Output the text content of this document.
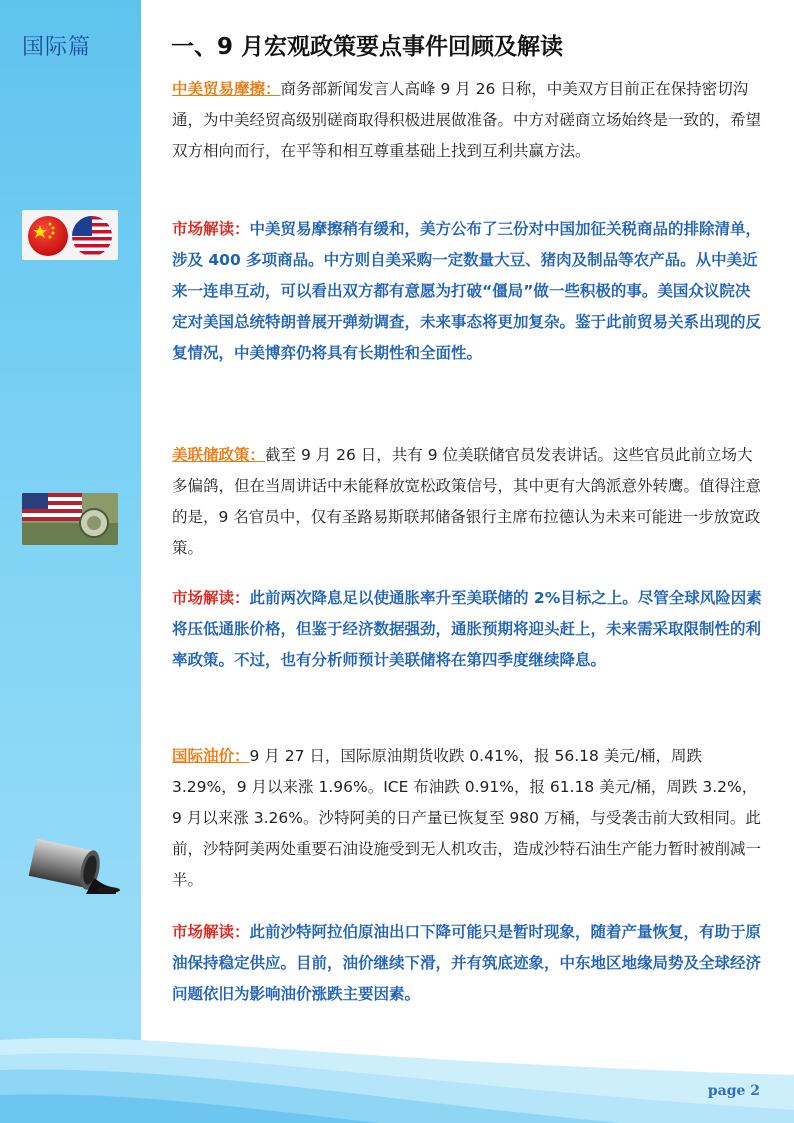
国际篇
page 2
一、9 月宏观政策要点事件回顾及解读
中美贸易摩擦：商务部新闻发言人高峰 9 月 26 日称，中美双方目前正在保持密切沟通，为中美经贸高级别磋商取得积极进展做准备。中方对磋商立场始终是一致的，希望双方相向而行，在平等和相互尊重基础上找到互利共赢方法。
市场解读：中美贸易摩擦稍有缓和，美方公布了三份对中国加征关税商品的排除清单，涉及 400 多项商品。中方则自美采购一定数量大豆、猪肉及制品等农产品。从中美近来一连串互动，可以看出双方都有意愿为打破“僵局”做一些积极的事。美国众议院决定对美国总统特朗普展开弹劾调查，未来事态将更加复杂。鉴于此前贸易关系出现的反复情况，中美博弈仍将具有长期性和全面性。
美联储政策：截至 9 月 26 日，共有 9 位美联储官员发表讲话。这些官员此前立场大多偏鸽，但在当周讲话中未能释放宽松政策信号，其中更有大鸽派意外转鹰。值得注意的是，9 名官员中，仅有圣路易斯联邦储备银行主席布拉德认为未来可能进一步放宽政策。
市场解读：此前两次降息足以使通胀率升至美联储的 2%目标之上。尽管全球风险因素将压低通胀价格，但鉴于经济数据强劲，通胀预期将迎头赶上，未来需采取限制性的利率政策。不过，也有分析师预计美联储将在第四季度继续降息。
国际油价：9 月 27 日，国际原油期货收跌 0.41%，报 56.18 美元/桶，周跌 3.29%，9 月以来涨 1.96%。ICE 布油跌 0.91%，报 61.18 美元/桶，周跌 3.2%，9 月以来涨 3.26%。沙特阿美的日产量已恢复至 980 万桶，与受袭击前大致相同。此前，沙特阿美两处重要石油设施受到无人机攻击，造成沙特石油生产能力暂时被削减一半。
市场解读：此前沙特阿拉伯原油出口下降可能只是暂时现象，随着产量恢复，有助于原油保持稳定供应。目前，油价继续下滑，并有筑底迹象，中东地区地缘局势及全球经济问题依旧为影响油价涨跌主要因素。
